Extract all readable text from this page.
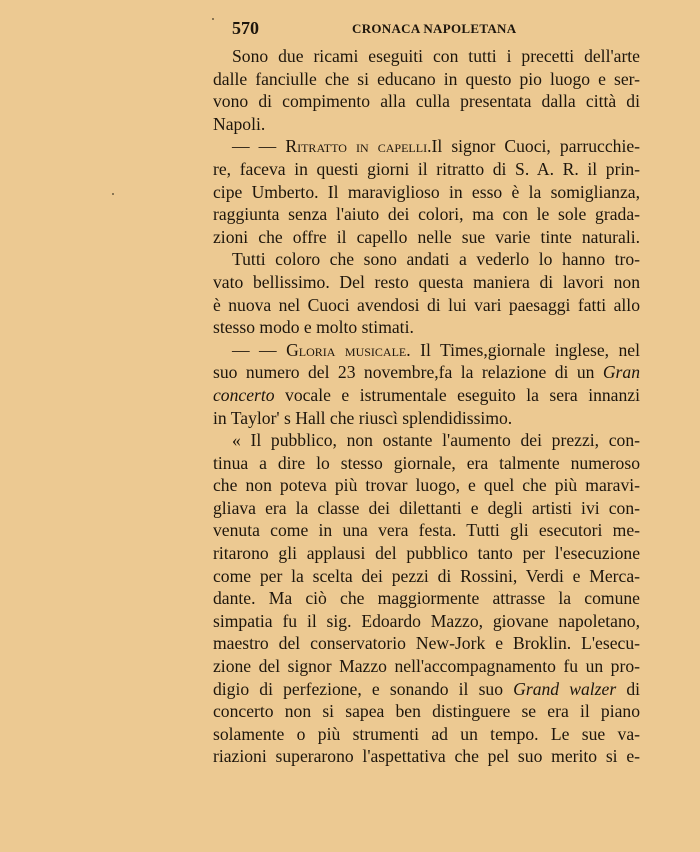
570	CRONACA NAPOLETANA
Sono due ricami eseguiti con tutti i precetti dell'arte
dalle fanciulle che si educano in questo pio luogo e ser-
vono di compimento alla culla presentata dalla città di
Napoli.
— — Ritratto in capelli.Il signor Cuoci, parrucchie-
re, faceva in questi giorni il ritratto di S. A. R. il prin-
cipe Umberto. Il maraviglioso in esso è la somiglianza,
raggiunta senza l'aiuto dei colori, ma con le sole grada-
zioni che offre il capello nelle sue varie tinte naturali.
Tutti coloro che sono andati a vederlo lo hanno tro-
vato bellissimo. Del resto questa maniera di lavori non
è nuova nel Cuoci avendosi di lui vari paesaggi fatti allo
stesso modo e molto stimati.
— — Gloria musicale. Il Times,giornale inglese, nel
suo numero del 23 novembre,fa la relazione di un Gran
concerto vocale e istrumentale eseguito la sera innanzi
in Taylor' s Hall che riuscì splendidissimo.
« Il pubblico, non ostante l'aumento dei prezzi, con-
tinua a dire lo stesso giornale, era talmente numeroso
che non poteva più trovar luogo, e quel che più maravi-
gliava era la classe dei dilettanti e degli artisti ivi con-
venuta come in una vera festa. Tutti gli esecutori me-
ritarono gli applausi del pubblico tanto per l'esecuzione
come per la scelta dei pezzi di Rossini, Verdi e Merca-
dante. Ma ciò che maggiormente attrasse la comune
simpatia fu il sig. Edoardo Mazzo, giovane napoletano,
maestro del conservatorio New-Jork e Broklin. L'esecu-
zione del signor Mazzo nell'accompagnamento fu un pro-
digio di perfezione, e sonando il suo Grand walzer di
concerto non si sapea ben distinguere se era il piano
solamente o più strumenti ad un tempo. Le sue va-
riazioni superarono l'aspettativa che pel suo merito si e-
